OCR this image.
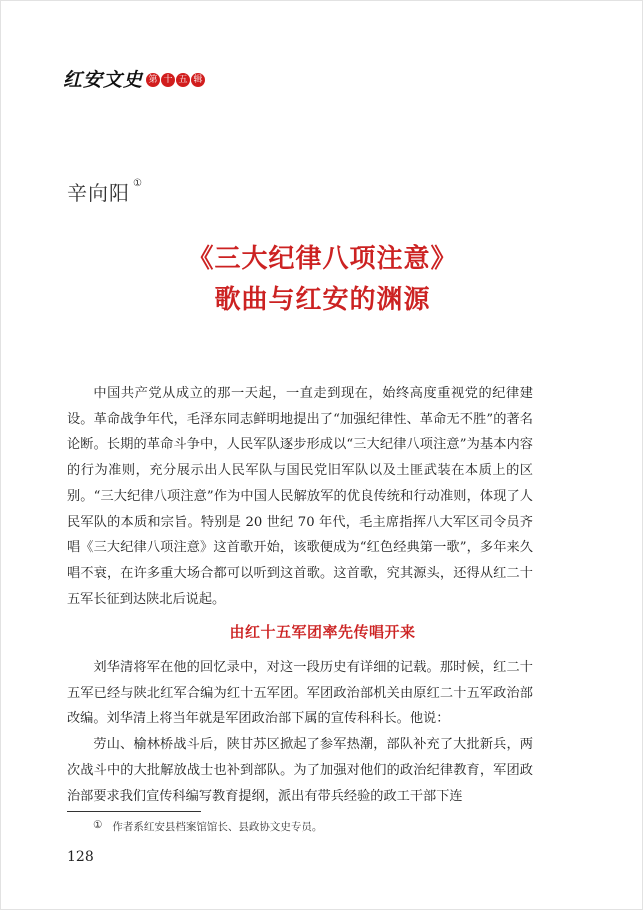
红安文史 第 十 五 辑
辛向阳 ①
《三大纪律八项注意》
歌曲与红安的渊源

中国共产党从成立的那一天起，一直走到现在，始终高度重视党的纪律建设。革命战争年代，毛泽东同志鲜明地提出了“加强纪律性、革命无不胜”的著名论断。长期的革命斗争中，人民军队逐步形成以“三大纪律八项注意”为基本内容的行为准则，充分展示出人民军队与国民党旧军队以及土匪武装在本质上的区别。“三大纪律八项注意”作为中国人民解放军的优良传统和行动准则，体现了人民军队的本质和宗旨。特别是 20 世纪 70 年代，毛主席指挥八大军区司令员齐唱《三大纪律八项注意》这首歌开始，该歌便成为“红色经典第一歌”，多年来久唱不衰，在许多重大场合都可以听到这首歌。这首歌，究其源头，还得从红二十五军长征到达陕北后说起。

由红十五军团率先传唱开来

刘华清将军在他的回忆录中，对这一段历史有详细的记载。那时候，红二十五军已经与陕北红军合编为红十五军团。军团政治部机关由原红二十五军政治部改编。刘华清上将当年就是军团政治部下属的宣传科科长。他说：

劳山、榆林桥战斗后，陕甘苏区掀起了参军热潮，部队补充了大批新兵，两次战斗中的大批解放战士也补到部队。为了加强对他们的政治纪律教育，军团政治部要求我们宣传科编写教育提纲，派出有带兵经验的政工干部下连

① 作者系红安县档案馆馆长、县政协文史专员。
128
